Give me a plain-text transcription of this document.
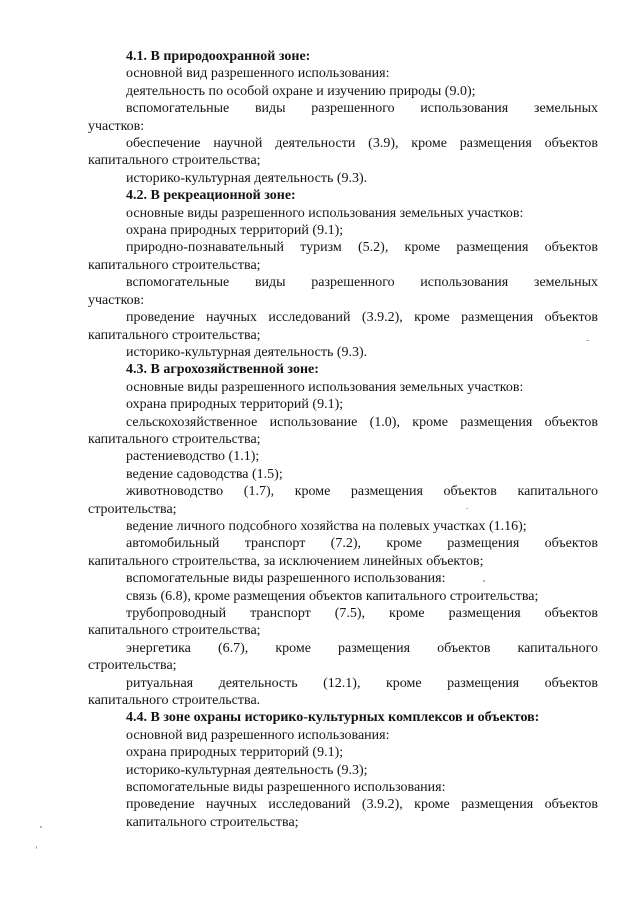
4.1. В природоохранной зоне:
основной вид разрешенного использования:
деятельность по особой охране и изучению природы (9.0);
вспомогательные виды разрешенного использования земельных
участков:
обеспечение научной деятельности (3.9), кроме размещения объектов
капитального строительства;
историко-культурная деятельность (9.3).
4.2. В рекреационной зоне:
основные виды разрешенного использования земельных участков:
охрана природных территорий (9.1);
природно-познавательный туризм (5.2), кроме размещения объектов
капитального строительства;
вспомогательные виды разрешенного использования земельных
участков:
проведение научных исследований (3.9.2), кроме размещения объектов
капитального строительства;
историко-культурная деятельность (9.3).
4.3. В агрохозяйственной зоне:
основные виды разрешенного использования земельных участков:
охрана природных территорий (9.1);
сельскохозяйственное использование (1.0), кроме размещения объектов
капитального строительства;
растениеводство (1.1);
ведение садоводства (1.5);
животноводство (1.7), кроме размещения объектов капитального
строительства;
ведение личного подсобного хозяйства на полевых участках (1.16);
автомобильный транспорт (7.2), кроме размещения объектов
капитального строительства, за исключением линейных объектов;
вспомогательные виды разрешенного использования:
связь (6.8), кроме размещения объектов капитального строительства;
трубопроводный транспорт (7.5), кроме размещения объектов
капитального строительства;
энергетика (6.7), кроме размещения объектов капитального
строительства;
ритуальная деятельность (12.1), кроме размещения объектов
капитального строительства.
4.4. В зоне охраны историко-культурных комплексов и объектов:
основной вид разрешенного использования:
охрана природных территорий (9.1);
историко-культурная деятельность (9.3);
вспомогательные виды разрешенного использования:
проведение научных исследований (3.9.2), кроме размещения объектов
капитального строительства;
